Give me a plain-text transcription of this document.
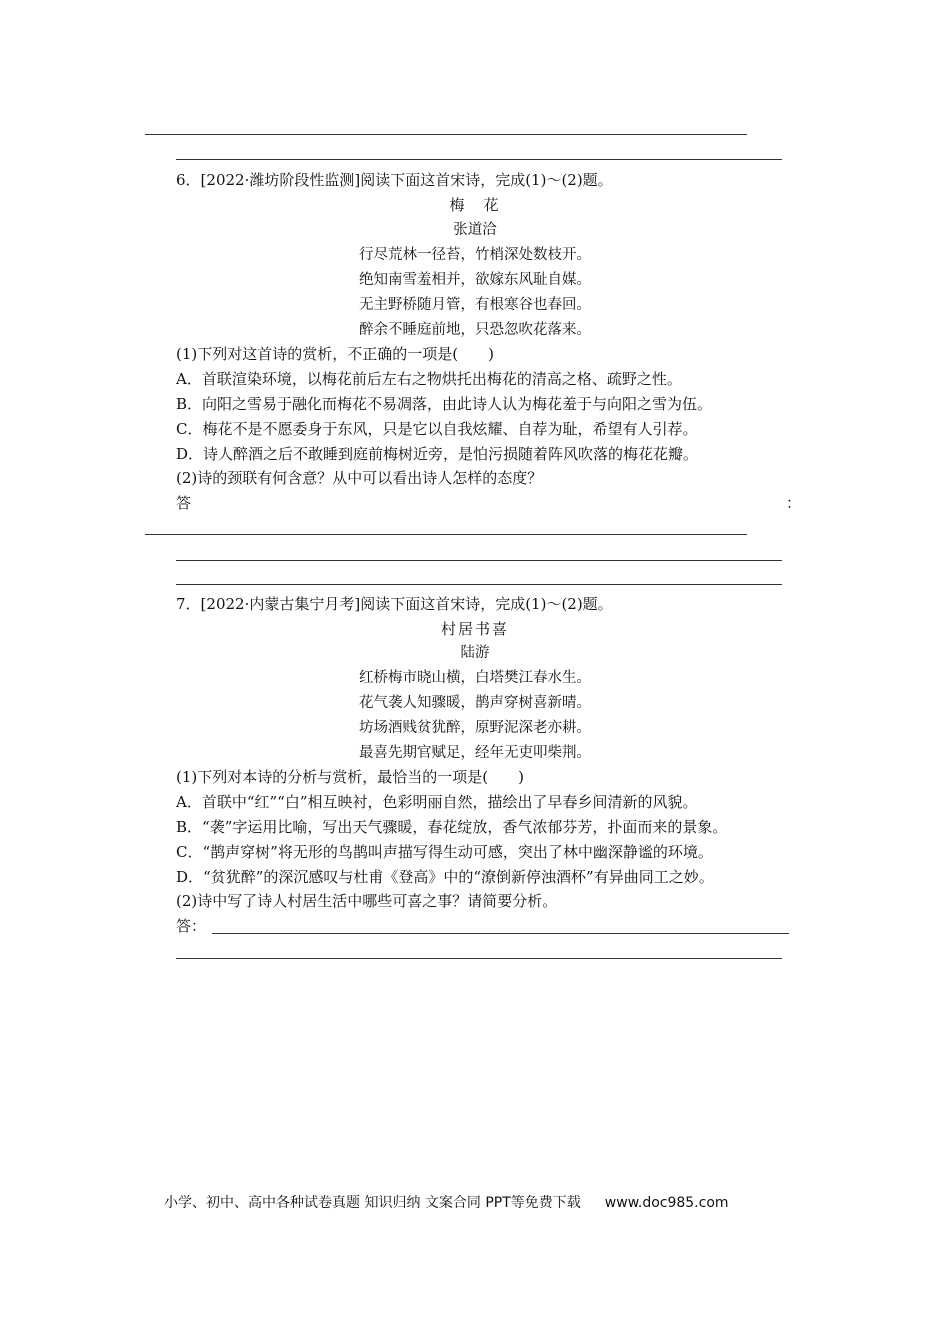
6．[2022·潍坊阶段性监测]阅读下面这首宋诗，完成(1)～(2)题。
梅　花
张道洽
行尽荒林一径苔，竹梢深处数枝开。
绝知南雪羞相并，欲嫁东风耻自媒。
无主野桥随月管，有根寒谷也春回。
醉余不睡庭前地，只恐忽吹花落来。
(1)下列对这首诗的赏析，不正确的一项是(　　)
A．首联渲染环境，以梅花前后左右之物烘托出梅花的清高之格、疏野之性。
B．向阳之雪易于融化而梅花不易凋落，由此诗人认为梅花羞于与向阳之雪为伍。
C．梅花不是不愿委身于东风，只是它以自我炫耀、自荐为耻，希望有人引荐。
D．诗人醉酒之后不敢睡到庭前梅树近旁，是怕污损随着阵风吹落的梅花花瓣。
(2)诗的颈联有何含意？从中可以看出诗人怎样的态度？
答	：
7．[2022·内蒙古集宁月考]阅读下面这首宋诗，完成(1)～(2)题。
村居书喜
陆游
红桥梅市晓山横，白塔樊江春水生。
花气袭人知骤暖，鹊声穿树喜新晴。
坊场酒贱贫犹醉，原野泥深老亦耕。
最喜先期官赋足，经年无吏叩柴荆。
(1)下列对本诗的分析与赏析，最恰当的一项是(　　)
A．首联中“红”“白”相互映衬，色彩明丽自然，描绘出了早春乡间清新的风貌。
B．“袭”字运用比喻，写出天气骤暖，春花绽放，香气浓郁芬芳，扑面而来的景象。
C．“鹊声穿树”将无形的鸟鹊叫声描写得生动可感，突出了林中幽深静谧的环境。
D．“贫犹醉”的深沉感叹与杜甫《登高》中的“潦倒新停浊酒杯”有异曲同工之妙。
(2)诗中写了诗人村居生活中哪些可喜之事？请简要分析。
答：
小学、初中、高中各种试卷真题 知识归纳 文案合同 PPT等免费下载 www.doc985.com
